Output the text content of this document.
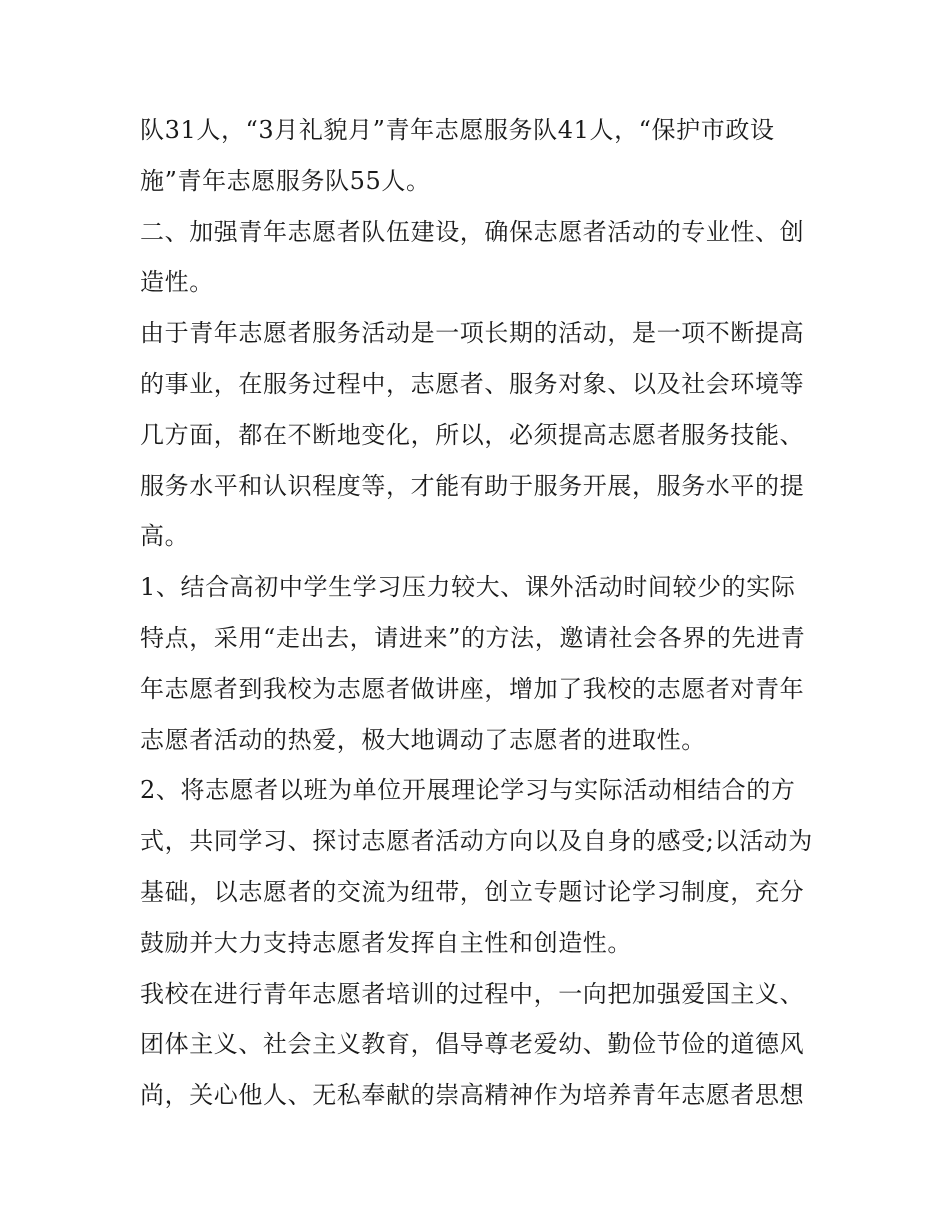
队31人，“3月礼貌月”青年志愿服务队41人，“保护市政设施”青年志愿服务队55人。

二、加强青年志愿者队伍建设，确保志愿者活动的专业性、创造性。

由于青年志愿者服务活动是一项长期的活动，是一项不断提高的事业，在服务过程中，志愿者、服务对象、以及社会环境等几方面，都在不断地变化，所以，必须提高志愿者服务技能、服务水平和认识程度等，才能有助于服务开展，服务水平的提高。

1、结合高初中学生学习压力较大、课外活动时间较少的实际特点，采用“走出去，请进来”的方法，邀请社会各界的先进青年志愿者到我校为志愿者做讲座，增加了我校的志愿者对青年志愿者活动的热爱，极大地调动了志愿者的进取性。

2、将志愿者以班为单位开展理论学习与实际活动相结合的方式，共同学习、探讨志愿者活动方向以及自身的感受;以活动为基础，以志愿者的交流为纽带，创立专题讨论学习制度，充分鼓励并大力支持志愿者发挥自主性和创造性。

我校在进行青年志愿者培训的过程中，一向把加强爱国主义、团体主义、社会主义教育，倡导尊老爱幼、勤俭节俭的道德风尚，关心他人、无私奉献的崇高精神作为培养青年志愿者思想
